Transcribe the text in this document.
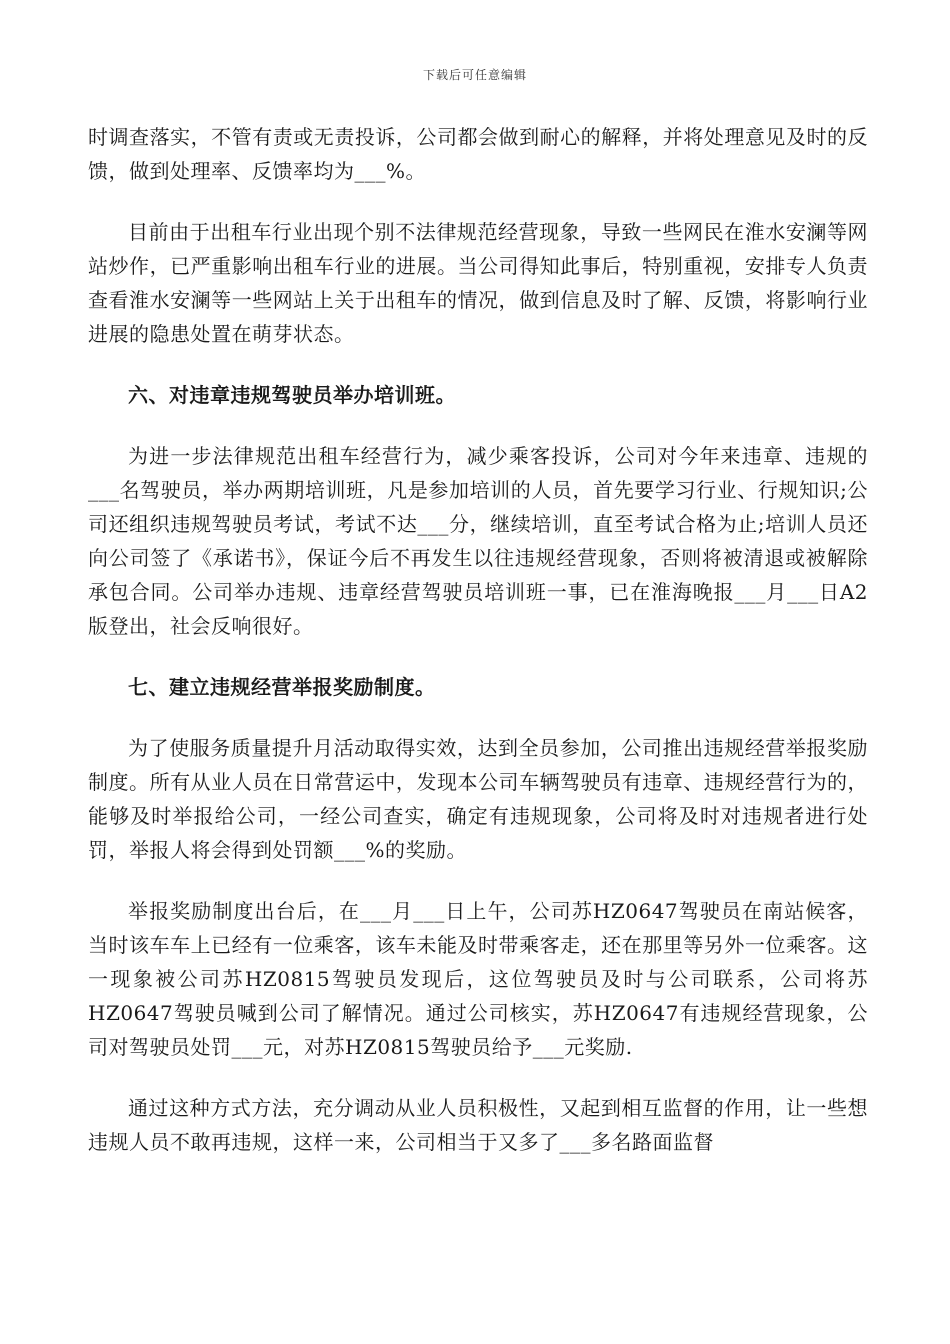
下载后可任意编辑

时调查落实，不管有责或无责投诉，公司都会做到耐心的解释，并将处理意见及时的反馈，做到处理率、反馈率均为___%。

目前由于出租车行业出现个别不法律规范经营现象，导致一些网民在淮水安澜等网站炒作，已严重影响出租车行业的进展。当公司得知此事后，特别重视，安排专人负责查看淮水安澜等一些网站上关于出租车的情况，做到信息及时了解、反馈，将影响行业进展的隐患处置在萌芽状态。

六、对违章违规驾驶员举办培训班。

为进一步法律规范出租车经营行为，减少乘客投诉，公司对今年来违章、违规的___名驾驶员，举办两期培训班，凡是参加培训的人员，首先要学习行业、行规知识;公司还组织违规驾驶员考试，考试不达___分，继续培训，直至考试合格为止;培训人员还向公司签了《承诺书》，保证今后不再发生以往违规经营现象，否则将被清退或被解除承包合同。公司举办违规、违章经营驾驶员培训班一事，已在淮海晚报___月___日A2版登出，社会反响很好。

七、建立违规经营举报奖励制度。

为了使服务质量提升月活动取得实效，达到全员参加，公司推出违规经营举报奖励制度。所有从业人员在日常营运中，发现本公司车辆驾驶员有违章、违规经营行为的，能够及时举报给公司，一经公司查实，确定有违规现象，公司将及时对违规者进行处罚，举报人将会得到处罚额___%的奖励。

举报奖励制度出台后，在___月___日上午，公司苏HZ0647驾驶员在南站候客，当时该车车上已经有一位乘客，该车未能及时带乘客走，还在那里等另外一位乘客。这一现象被公司苏HZ0815驾驶员发现后，这位驾驶员及时与公司联系，公司将苏HZ0647驾驶员喊到公司了解情况。通过公司核实，苏HZ0647有违规经营现象，公司对驾驶员处罚___元，对苏HZ0815驾驶员给予___元奖励.

通过这种方式方法，充分调动从业人员积极性，又起到相互监督的作用，让一些想违规人员不敢再违规，这样一来，公司相当于又多了___多名路面监督
